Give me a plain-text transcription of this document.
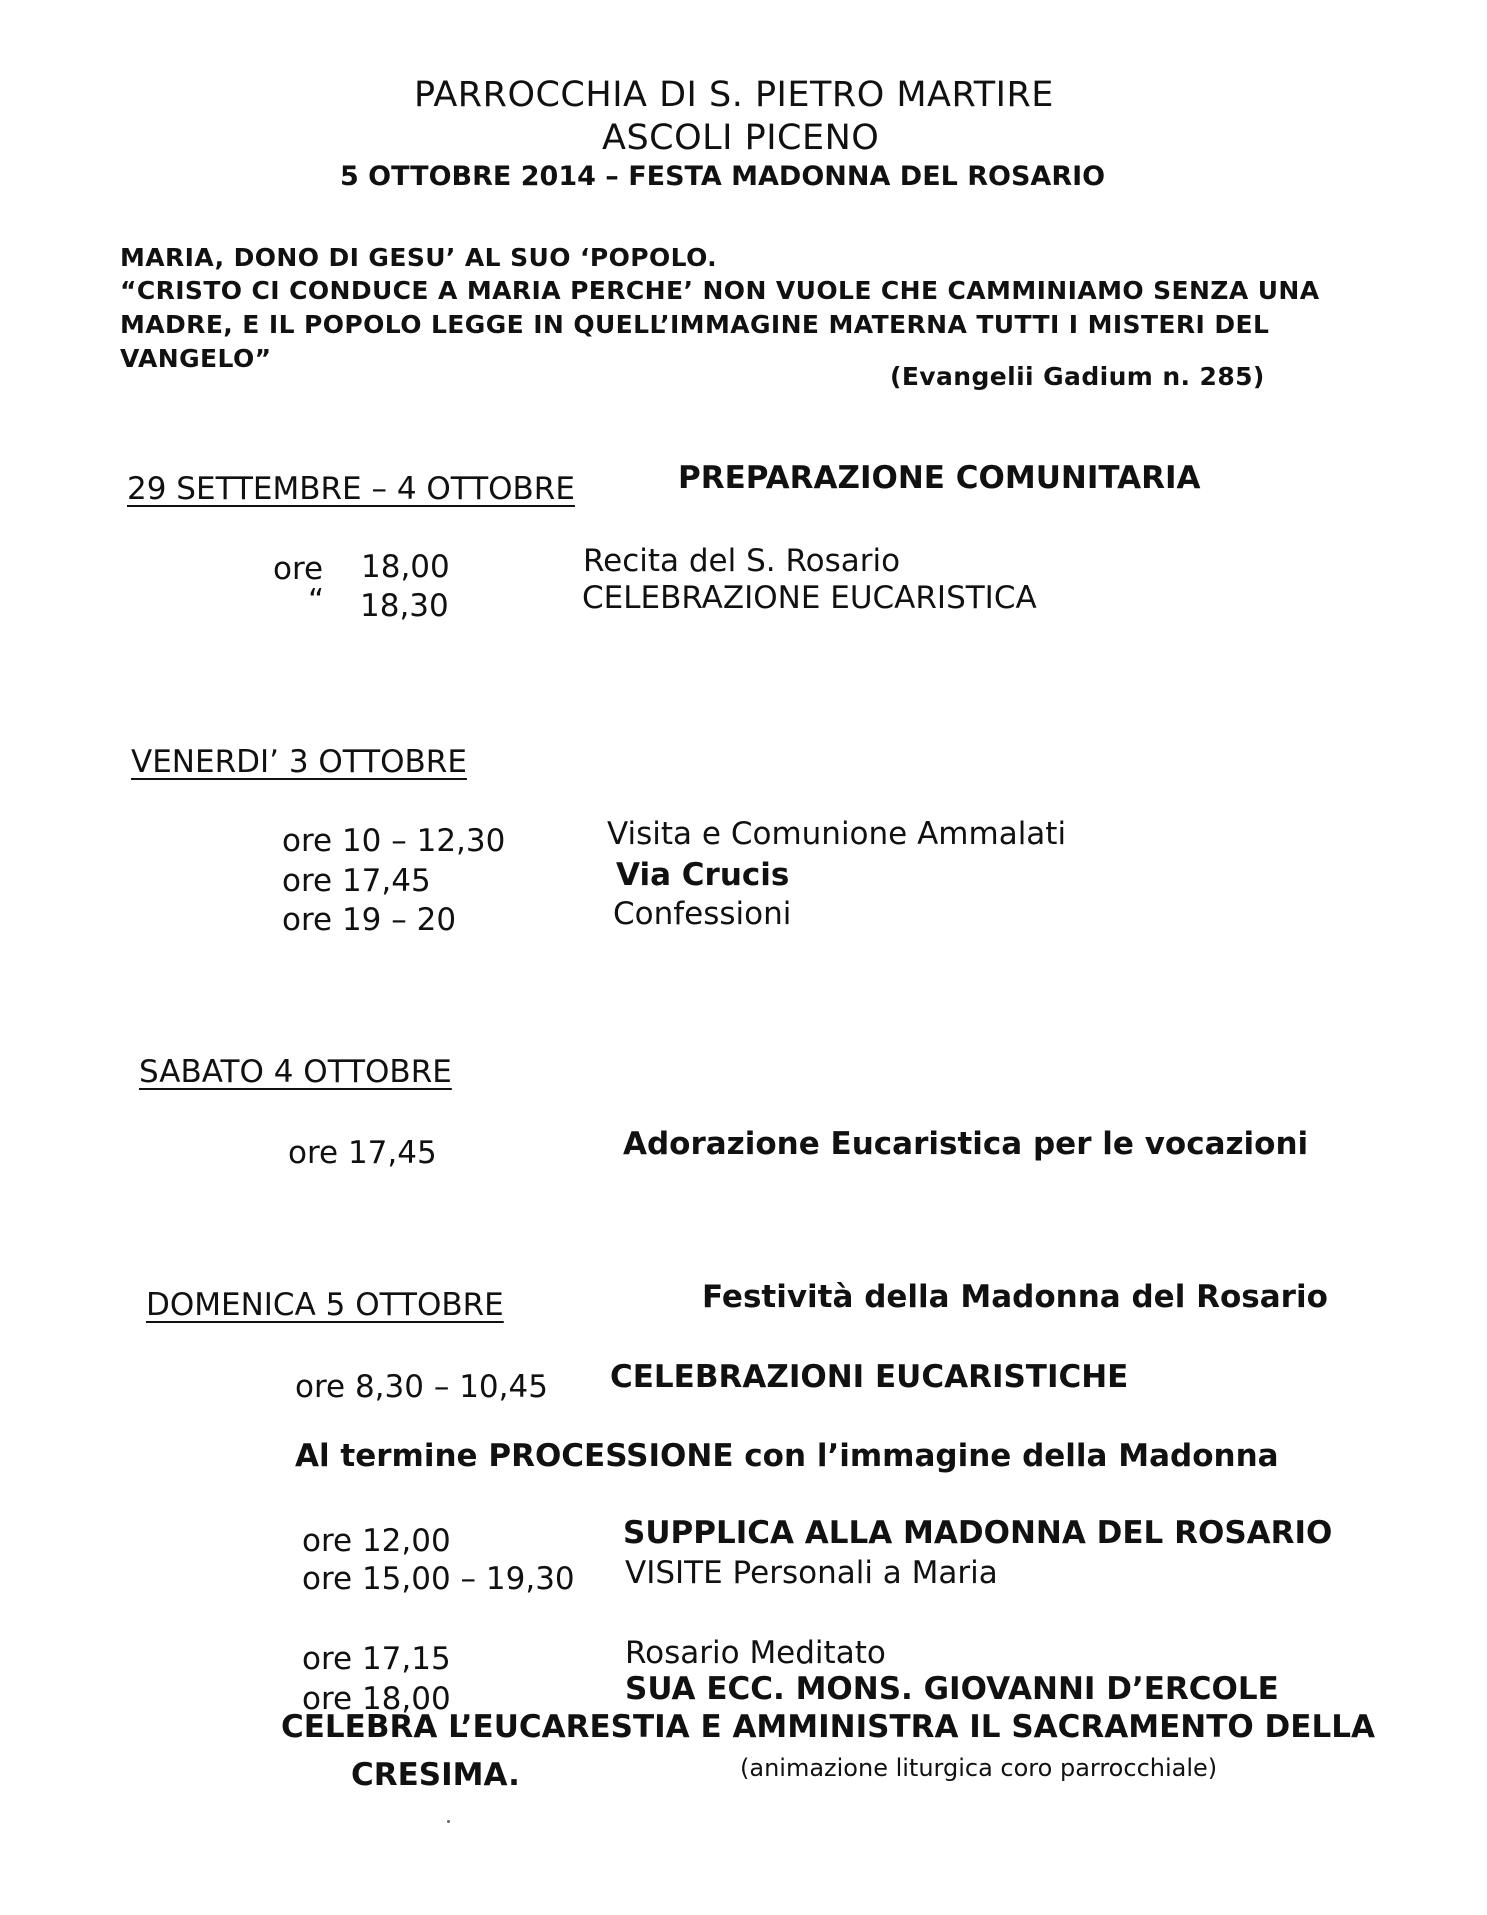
PARROCCHIA DI S. PIETRO MARTIRE
ASCOLI PICENO
5 OTTOBRE 2014 – FESTA MADONNA DEL ROSARIO
MARIA, DONO DI GESU’ AL SUO ‘POPOLO.
“CRISTO CI CONDUCE A MARIA PERCHE’ NON VUOLE CHE CAMMINIAMO SENZA UNA
MADRE, E IL POPOLO LEGGE IN QUELL’IMMAGINE MATERNA TUTTI I MISTERI DEL
VANGELO”
(Evangelii Gadium n. 285)
29 SETTEMBRE – 4 OTTOBRE	PREPARAZIONE COMUNITARIA
ore 18,00	Recita del S. Rosario
“ 18,30	CELEBRAZIONE EUCARISTICA
VENERDI’ 3 OTTOBRE
ore 10 – 12,30	Visita e Comunione Ammalati
ore 17,45	Via Crucis
ore 19 – 20	Confessioni
SABATO 4 OTTOBRE
ore 17,45	Adorazione Eucaristica per le vocazioni
DOMENICA 5 OTTOBRE	Festività della Madonna del Rosario
ore 8,30 – 10,45 CELEBRAZIONI EUCARISTICHE
Al termine PROCESSIONE con l’immagine della Madonna
ore 12,00	SUPPLICA ALLA MADONNA DEL ROSARIO
ore 15,00 – 19,30 VISITE Personali a Maria
ore 17,15	Rosario Meditato
ore 18,00	SUA ECC. MONS. GIOVANNI D’ERCOLE
CELEBRA L’EUCARESTIA E AMMINISTRA IL SACRAMENTO DELLA
CRESIMA.	(animazione liturgica coro parrocchiale)
